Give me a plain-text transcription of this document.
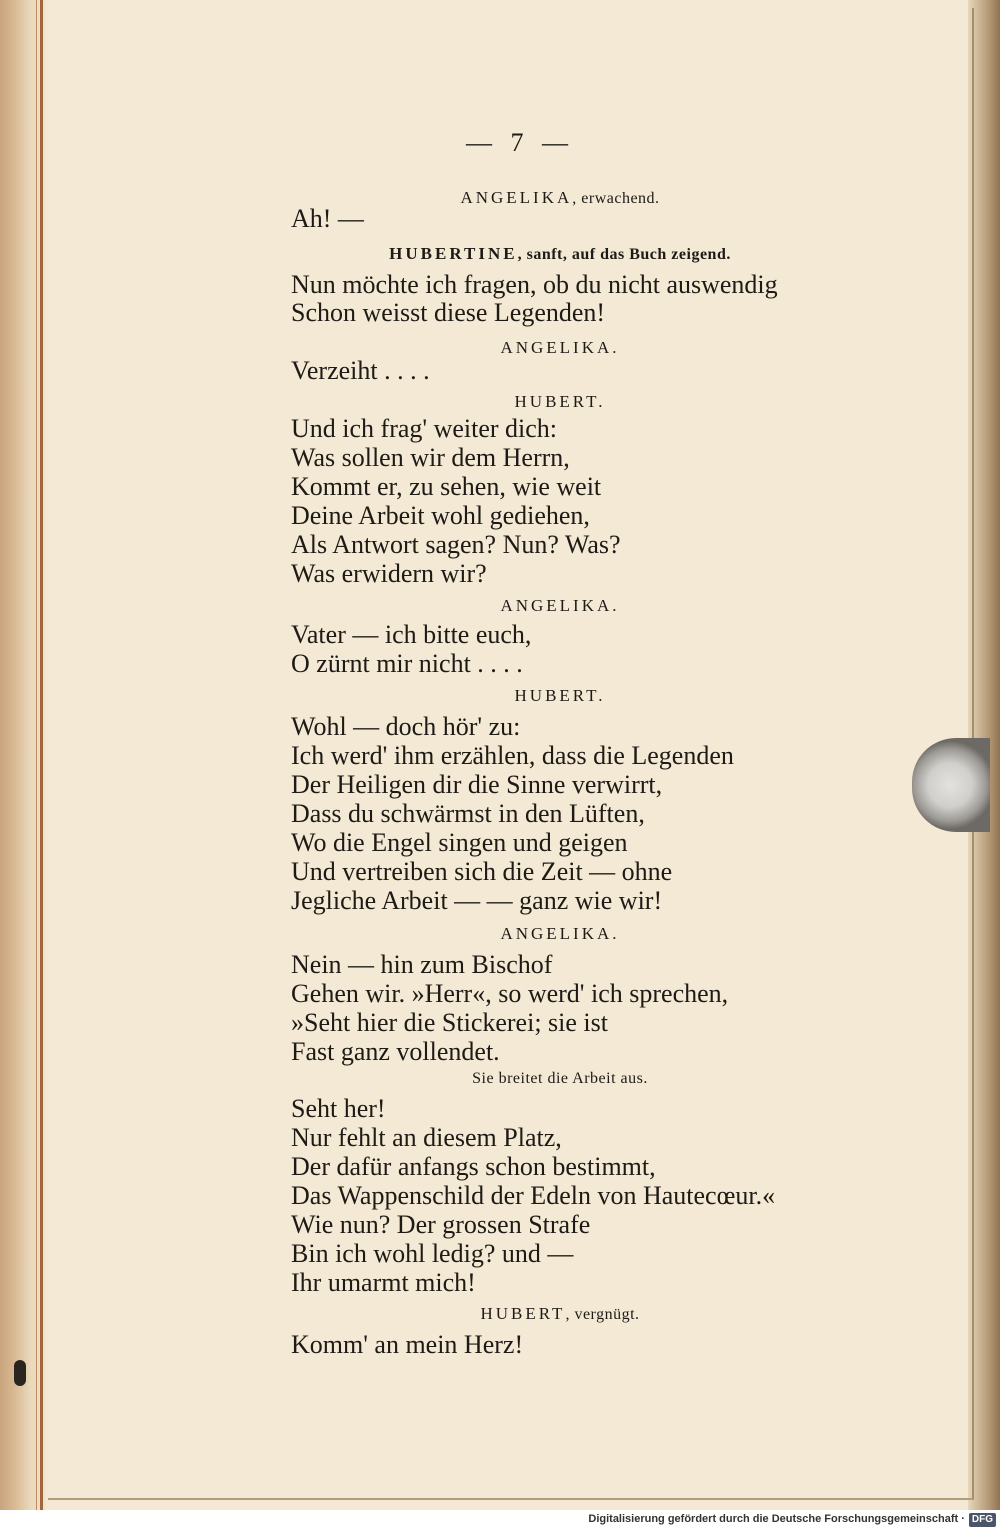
— 7 —
ANGELIKA, erwachend.
Ah! —
HUBERTINE, sanft, auf das Buch zeigend.
Nun möchte ich fragen, ob du nicht auswendig
Schon weisst diese Legenden!
ANGELIKA.
Verzeiht . . . .
HUBERT.
Und ich frag' weiter dich:
Was sollen wir dem Herrn,
Kommt er, zu sehen, wie weit
Deine Arbeit wohl gediehen,
Als Antwort sagen? Nun? Was?
Was erwidern wir?
ANGELIKA.
Vater — ich bitte euch,
O zürnt mir nicht . . . .
HUBERT.
Wohl — doch hör' zu:
Ich werd' ihm erzählen, dass die Legenden
Der Heiligen dir die Sinne verwirrt,
Dass du schwärmst in den Lüften,
Wo die Engel singen und geigen
Und vertreiben sich die Zeit — ohne
Jegliche Arbeit — — ganz wie wir!
ANGELIKA.
Nein — hin zum Bischof
Gehen wir. »Herr«, so werd' ich sprechen,
»Seht hier die Stickerei; sie ist
Fast ganz vollendet.
Sie breitet die Arbeit aus.
Seht her!
Nur fehlt an diesem Platz,
Der dafür anfangs schon bestimmt,
Das Wappenschild der Edeln von Hautecœur.«
Wie nun? Der grossen Strafe
Bin ich wohl ledig? und —
Ihr umarmt mich!
HUBERT, vergnügt.
Komm' an mein Herz!
Digitalisierung gefördert durch die Deutsche Forschungsgemeinschaft · DFG
